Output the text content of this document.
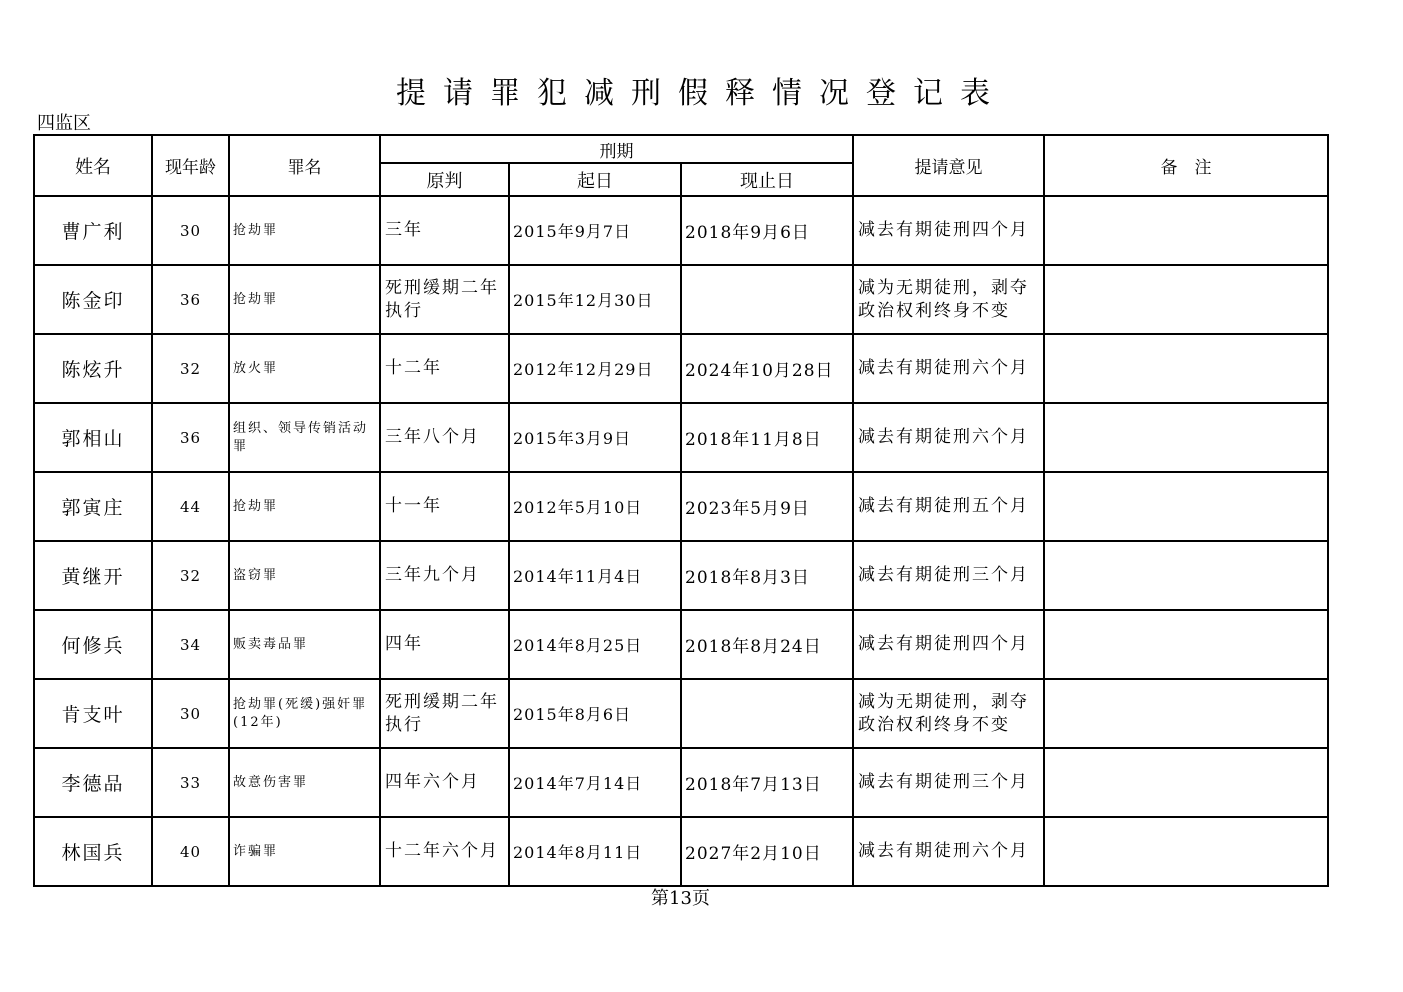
提请罪犯减刑假释情况登记表
四监区
姓名	现年龄	罪名	刑期			提请意见	备　注
			原判	起日	现止日		
曹广利	30	抢劫罪	三年	2015年9月7日	2018年9月6日	减去有期徒刑四个月	
陈金印	36	抢劫罪	死刑缓期二年执行	2015年12月30日		减为无期徒刑，剥夺政治权利终身不变	
陈炫升	32	放火罪	十二年	2012年12月29日	2024年10月28日	减去有期徒刑六个月	
郭相山	36	组织、领导传销活动罪	三年八个月	2015年3月9日	2018年11月8日	减去有期徒刑六个月	
郭寅庄	44	抢劫罪	十一年	2012年5月10日	2023年5月9日	减去有期徒刑五个月	
黄继开	32	盗窃罪	三年九个月	2014年11月4日	2018年8月3日	减去有期徒刑三个月	
何修兵	34	贩卖毒品罪	四年	2014年8月25日	2018年8月24日	减去有期徒刑四个月	
肯支叶	30	抢劫罪(死缓)强奸罪(12年)	死刑缓期二年执行	2015年8月6日		减为无期徒刑，剥夺政治权利终身不变	
李德品	33	故意伤害罪	四年六个月	2014年7月14日	2018年7月13日	减去有期徒刑三个月	
林国兵	40	诈骗罪	十二年六个月	2014年8月11日	2027年2月10日	减去有期徒刑六个月	
第13页
